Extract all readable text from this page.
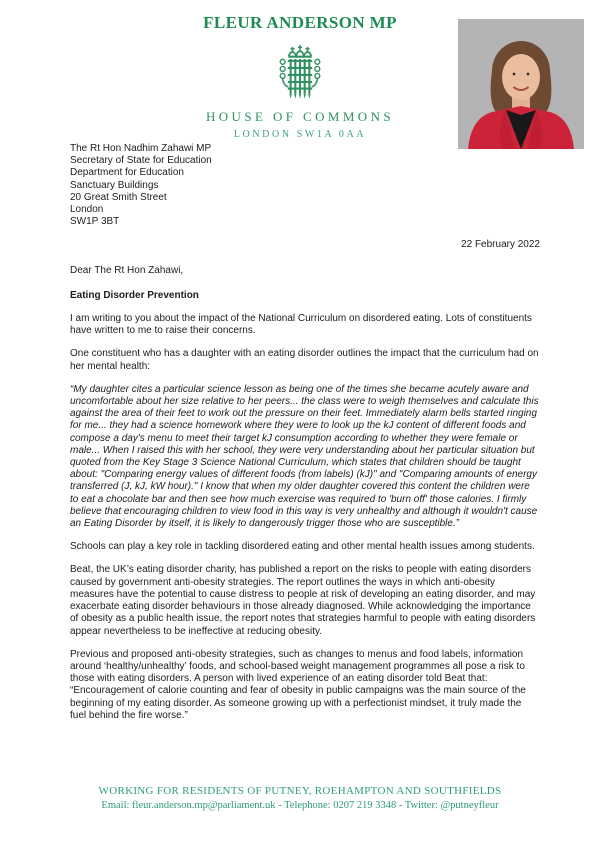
FLEUR ANDERSON MP
HOUSE OF COMMONS
LONDON SW1A 0AA
The Rt Hon Nadhim Zahawi MP
Secretary of State for Education
Department for Education
Sanctuary Buildings
20 Great Smith Street
London
SW1P 3BT
22 February 2022
Dear The Rt Hon Zahawi,
Eating Disorder Prevention

I am writing to you about the impact of the National Curriculum on disordered eating. Lots of constituents have written to me to raise their concerns.

One constituent who has a daughter with an eating disorder outlines the impact that the curriculum had on her mental health:

“My daughter cites a particular science lesson as being one of the times she became acutely aware and uncomfortable about her size relative to her peers... the class were to weigh themselves and calculate this against the area of their feet to work out the pressure on their feet. Immediately alarm bells started ringing for me... they had a science homework where they were to look up the kJ content of different foods and compose a day's menu to meet their target kJ consumption according to whether they were female or male... When I raised this with her school, they were very understanding about her particular situation but quoted from the Key Stage 3 Science National Curriculum, which states that children should be taught about: "Comparing energy values of different foods (from labels) (kJ)" and "Comparing amounts of energy transferred (J, kJ, kW hour)." I know that when my older daughter covered this content the children were to eat a chocolate bar and then see how much exercise was required to 'burn off' those calories. I firmly believe that encouraging children to view food in this way is very unhealthy and although it wouldn't cause an Eating Disorder by itself, it is likely to dangerously trigger those who are susceptible.”

Schools can play a key role in tackling disordered eating and other mental health issues among students.

Beat, the UK’s eating disorder charity, has published a report on the risks to people with eating disorders caused by government anti-obesity strategies. The report outlines the ways in which anti-obesity measures have the potential to cause distress to people at risk of developing an eating disorder, and may exacerbate eating disorder behaviours in those already diagnosed. While acknowledging the importance of obesity as a public health issue, the report notes that strategies harmful to people with eating disorders appear nevertheless to be ineffective at reducing obesity.

Previous and proposed anti-obesity strategies, such as changes to menus and food labels, information around ‘healthy/unhealthy’ foods, and school-based weight management programmes all pose a risk to those with eating disorders. A person with lived experience of an eating disorder told Beat that: “Encouragement of calorie counting and fear of obesity in public campaigns was the main source of the beginning of my eating disorder. As someone growing up with a perfectionist mindset, it truly made the fuel behind the fire worse.”

WORKING FOR RESIDENTS OF PUTNEY, ROEHAMPTON AND SOUTHFIELDS
Email: fleur.anderson.mp@parliament.uk - Telephone: 0207 219 3348 - Twitter: @putneyfleur
